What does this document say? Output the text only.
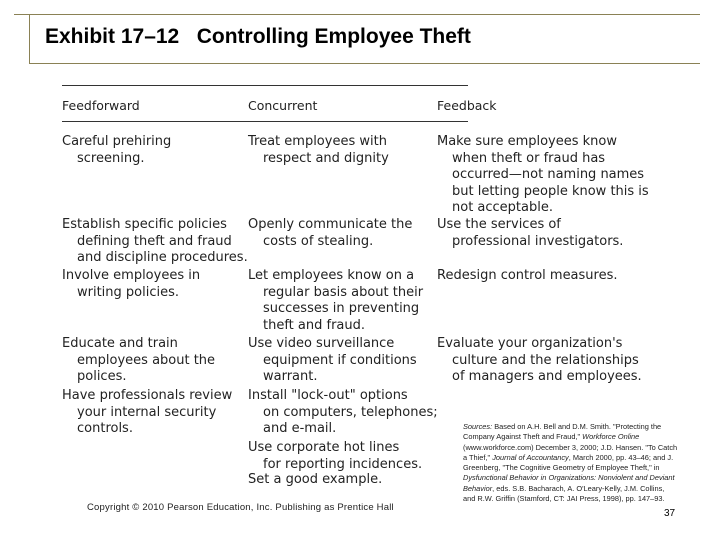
Exhibit 17–12   Controlling Employee Theft
Feedforward	Concurrent	Feedback
Careful prehiring
screening.
Establish specific policies
defining theft and fraud
and discipline procedures.
Involve employees in
writing policies.
Educate and train
employees about the
polices.
Have professionals review
your internal security
controls.
Treat employees with
respect and dignity
Openly communicate the
costs of stealing.
Let employees know on a
regular basis about their
successes in preventing
theft and fraud.
Use video surveillance
equipment if conditions
warrant.
Install "lock-out" options
on computers, telephones;
and e-mail.
Use corporate hot lines
for reporting incidences.
Set a good example.
Make sure employees know
when theft or fraud has
occurred—not naming names
but letting people know this is
not acceptable.
Use the services of
professional investigators.
Redesign control measures.
Evaluate your organization's
culture and the relationships
of managers and employees.
Sources: Based on A.H. Bell and D.M. Smith. "Protecting the Company Against Theft and Fraud," Workforce Online (www.workforce.com) December 3, 2000; J.D. Hansen. "To Catch a Thief," Journal of Accountancy, March 2000, pp. 43–46; and J. Greenberg, "The Cognitive Geometry of Employee Theft," in Dysfunctional Behavior in Organizations: Nonviolent and Deviant Behavior, eds. S.B. Bacharach, A. O'Leary-Kelly, J.M. Collins, and R.W. Griffin (Stamford, CT: JAI Press, 1998), pp. 147–93.
Copyright © 2010 Pearson Education, Inc. Publishing as Prentice Hall
37
